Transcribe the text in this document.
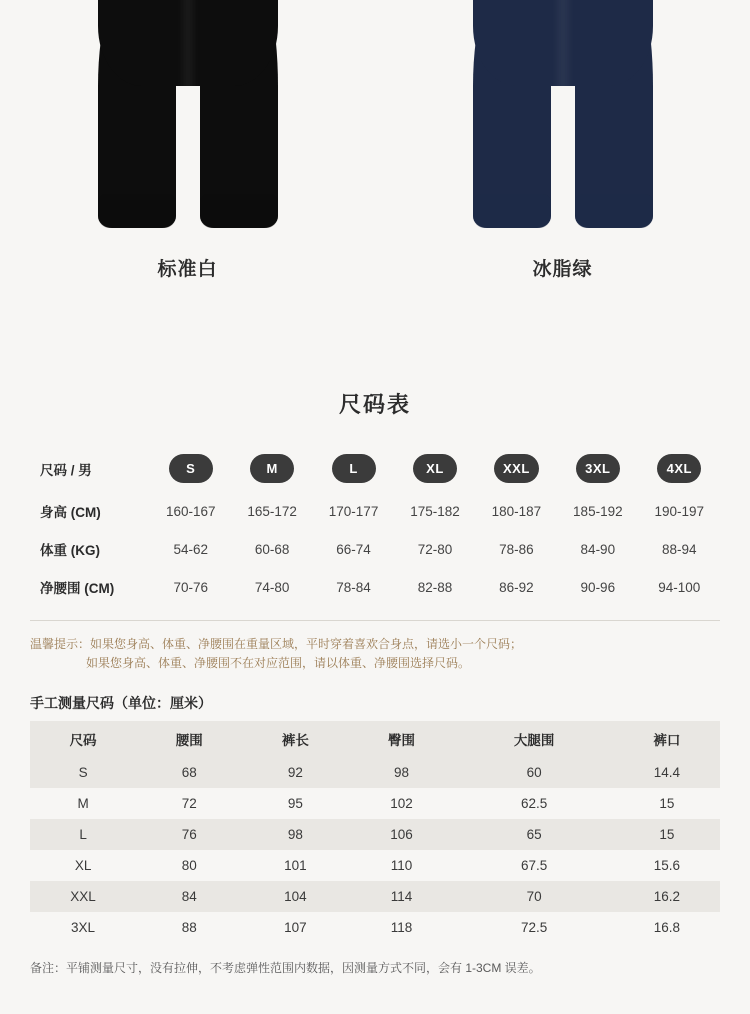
标准白	冰脂绿
尺码表
尺码 / 男	S	M	L	XL	XXL	3XL	4XL
身高 (CM)	160-167	165-172	170-177	175-182	180-187	185-192	190-197
体重 (KG)	54-62	60-68	66-74	72-80	78-86	84-90	88-94
净腰围 (CM)	70-76	74-80	78-84	82-88	86-92	90-96	94-100
温馨提示：如果您身高、体重、净腰围在重量区域，平时穿着喜欢合身点，请选小一个尺码；
如果您身高、体重、净腰围不在对应范围，请以体重、净腰围选择尺码。
手工测量尺码（单位：厘米）
尺码	腰围	裤长	臀围	大腿围	裤口
S	68	92	98	60	14.4
M	72	95	102	62.5	15
L	76	98	106	65	15
XL	80	101	110	67.5	15.6
XXL	84	104	114	70	16.2
3XL	88	107	118	72.5	16.8
备注：平铺测量尺寸，没有拉伸，不考虑弹性范围内数据，因测量方式不同，会有 1-3CM 误差。
